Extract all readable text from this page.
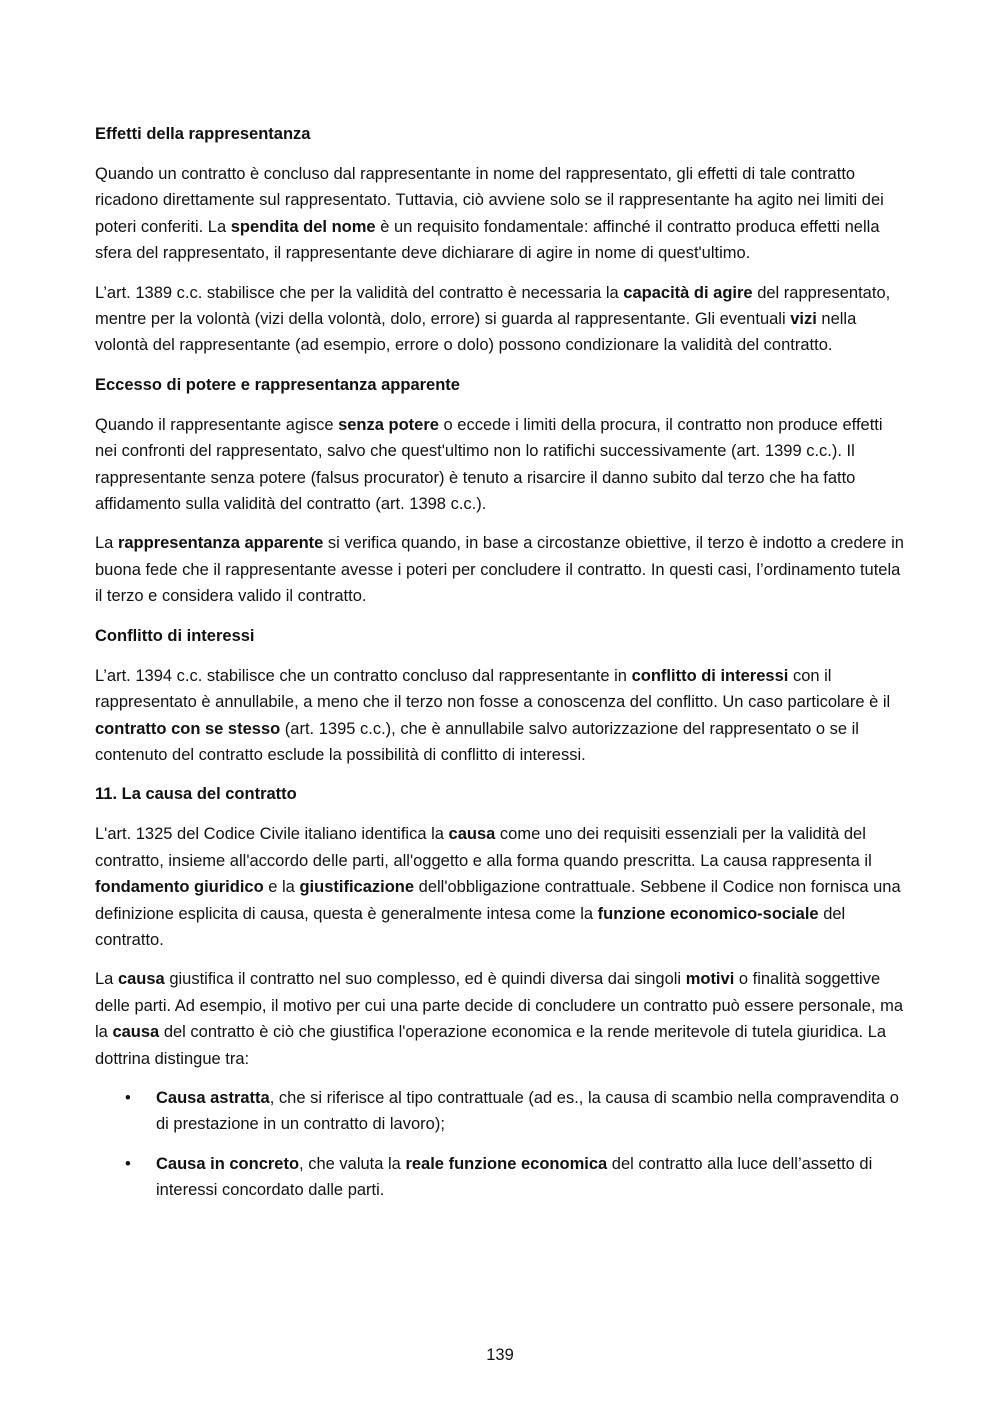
Effetti della rappresentanza

Quando un contratto è concluso dal rappresentante in nome del rappresentato, gli effetti di tale contratto ricadono direttamente sul rappresentato. Tuttavia, ciò avviene solo se il rappresentante ha agito nei limiti dei poteri conferiti. La spendita del nome è un requisito fondamentale: affinché il contratto produca effetti nella sfera del rappresentato, il rappresentante deve dichiarare di agire in nome di quest'ultimo.

L’art. 1389 c.c. stabilisce che per la validità del contratto è necessaria la capacità di agire del rappresentato, mentre per la volontà (vizi della volontà, dolo, errore) si guarda al rappresentante. Gli eventuali vizi nella volontà del rappresentante (ad esempio, errore o dolo) possono condizionare la validità del contratto.

Eccesso di potere e rappresentanza apparente

Quando il rappresentante agisce senza potere o eccede i limiti della procura, il contratto non produce effetti nei confronti del rappresentato, salvo che quest'ultimo non lo ratifichi successivamente (art. 1399 c.c.). Il rappresentante senza potere (falsus procurator) è tenuto a risarcire il danno subito dal terzo che ha fatto affidamento sulla validità del contratto (art. 1398 c.c.).

La rappresentanza apparente si verifica quando, in base a circostanze obiettive, il terzo è indotto a credere in buona fede che il rappresentante avesse i poteri per concludere il contratto. In questi casi, l’ordinamento tutela il terzo e considera valido il contratto.

Conflitto di interessi

L’art. 1394 c.c. stabilisce che un contratto concluso dal rappresentante in conflitto di interessi con il rappresentato è annullabile, a meno che il terzo non fosse a conoscenza del conflitto. Un caso particolare è il contratto con se stesso (art. 1395 c.c.), che è annullabile salvo autorizzazione del rappresentato o se il contenuto del contratto esclude la possibilità di conflitto di interessi.

11. La causa del contratto

L'art. 1325 del Codice Civile italiano identifica la causa come uno dei requisiti essenziali per la validità del contratto, insieme all'accordo delle parti, all'oggetto e alla forma quando prescritta. La causa rappresenta il fondamento giuridico e la giustificazione dell'obbligazione contrattuale. Sebbene il Codice non fornisca una definizione esplicita di causa, questa è generalmente intesa come la funzione economico-sociale del contratto.

La causa giustifica il contratto nel suo complesso, ed è quindi diversa dai singoli motivi o finalità soggettive delle parti. Ad esempio, il motivo per cui una parte decide di concludere un contratto può essere personale, ma la causa del contratto è ciò che giustifica l'operazione economica e la rende meritevole di tutela giuridica. La dottrina distingue tra:

• Causa astratta, che si riferisce al tipo contrattuale (ad es., la causa di scambio nella compravendita o di prestazione in un contratto di lavoro);
• Causa in concreto, che valuta la reale funzione economica del contratto alla luce dell’assetto di interessi concordato dalle parti.
139
